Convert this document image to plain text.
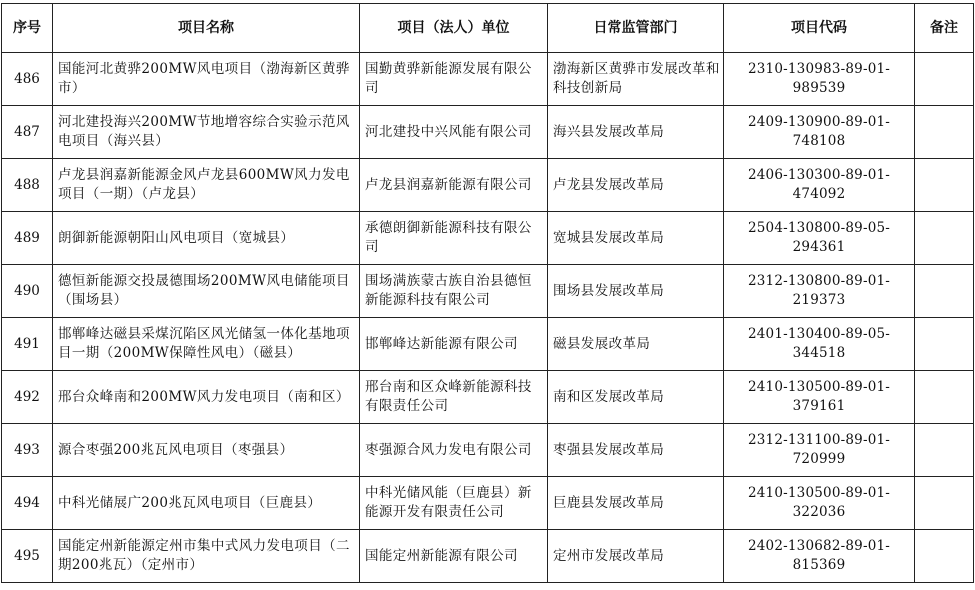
序号	项目名称	项目（法人）单位	日常监管部门	项目代码	备注
486	国能河北黄骅200MW风电项目（渤海新区黄骅市）	国勤黄骅新能源发展有限公司	渤海新区黄骅市发展改革和科技创新局	2310-130983-89-01-989539	
487	河北建投海兴200MW节地增容综合实验示范风电项目（海兴县）	河北建投中兴风能有限公司	海兴县发展改革局	2409-130900-89-01-748108	
488	卢龙县润嘉新能源金风卢龙县600MW风力发电项目（一期）（卢龙县）	卢龙县润嘉新能源有限公司	卢龙县发展改革局	2406-130300-89-01-474092	
489	朗御新能源朝阳山风电项目（宽城县）	承德朗御新能源科技有限公司	宽城县发展改革局	2504-130800-89-05-294361	
490	德恒新能源交投晟德围场200MW风电储能项目（围场县）	围场满族蒙古族自治县德恒新能源科技有限公司	围场县发展改革局	2312-130800-89-01-219373	
491	邯郸峰达磁县采煤沉陷区风光储氢一体化基地项目一期（200MW保障性风电）（磁县）	邯郸峰达新能源有限公司	磁县发展改革局	2401-130400-89-05-344518	
492	邢台众峰南和200MW风力发电项目（南和区）	邢台南和区众峰新能源科技有限责任公司	南和区发展改革局	2410-130500-89-01-379161	
493	源合枣强200兆瓦风电项目（枣强县）	枣强源合风力发电有限公司	枣强县发展改革局	2312-131100-89-01-720999	
494	中科光储展广200兆瓦风电项目（巨鹿县）	中科光储风能（巨鹿县）新能源开发有限责任公司	巨鹿县发展改革局	2410-130500-89-01-322036	
495	国能定州新能源定州市集中式风力发电项目（二期200兆瓦）（定州市）	国能定州新能源有限公司	定州市发展改革局	2402-130682-89-01-815369	
